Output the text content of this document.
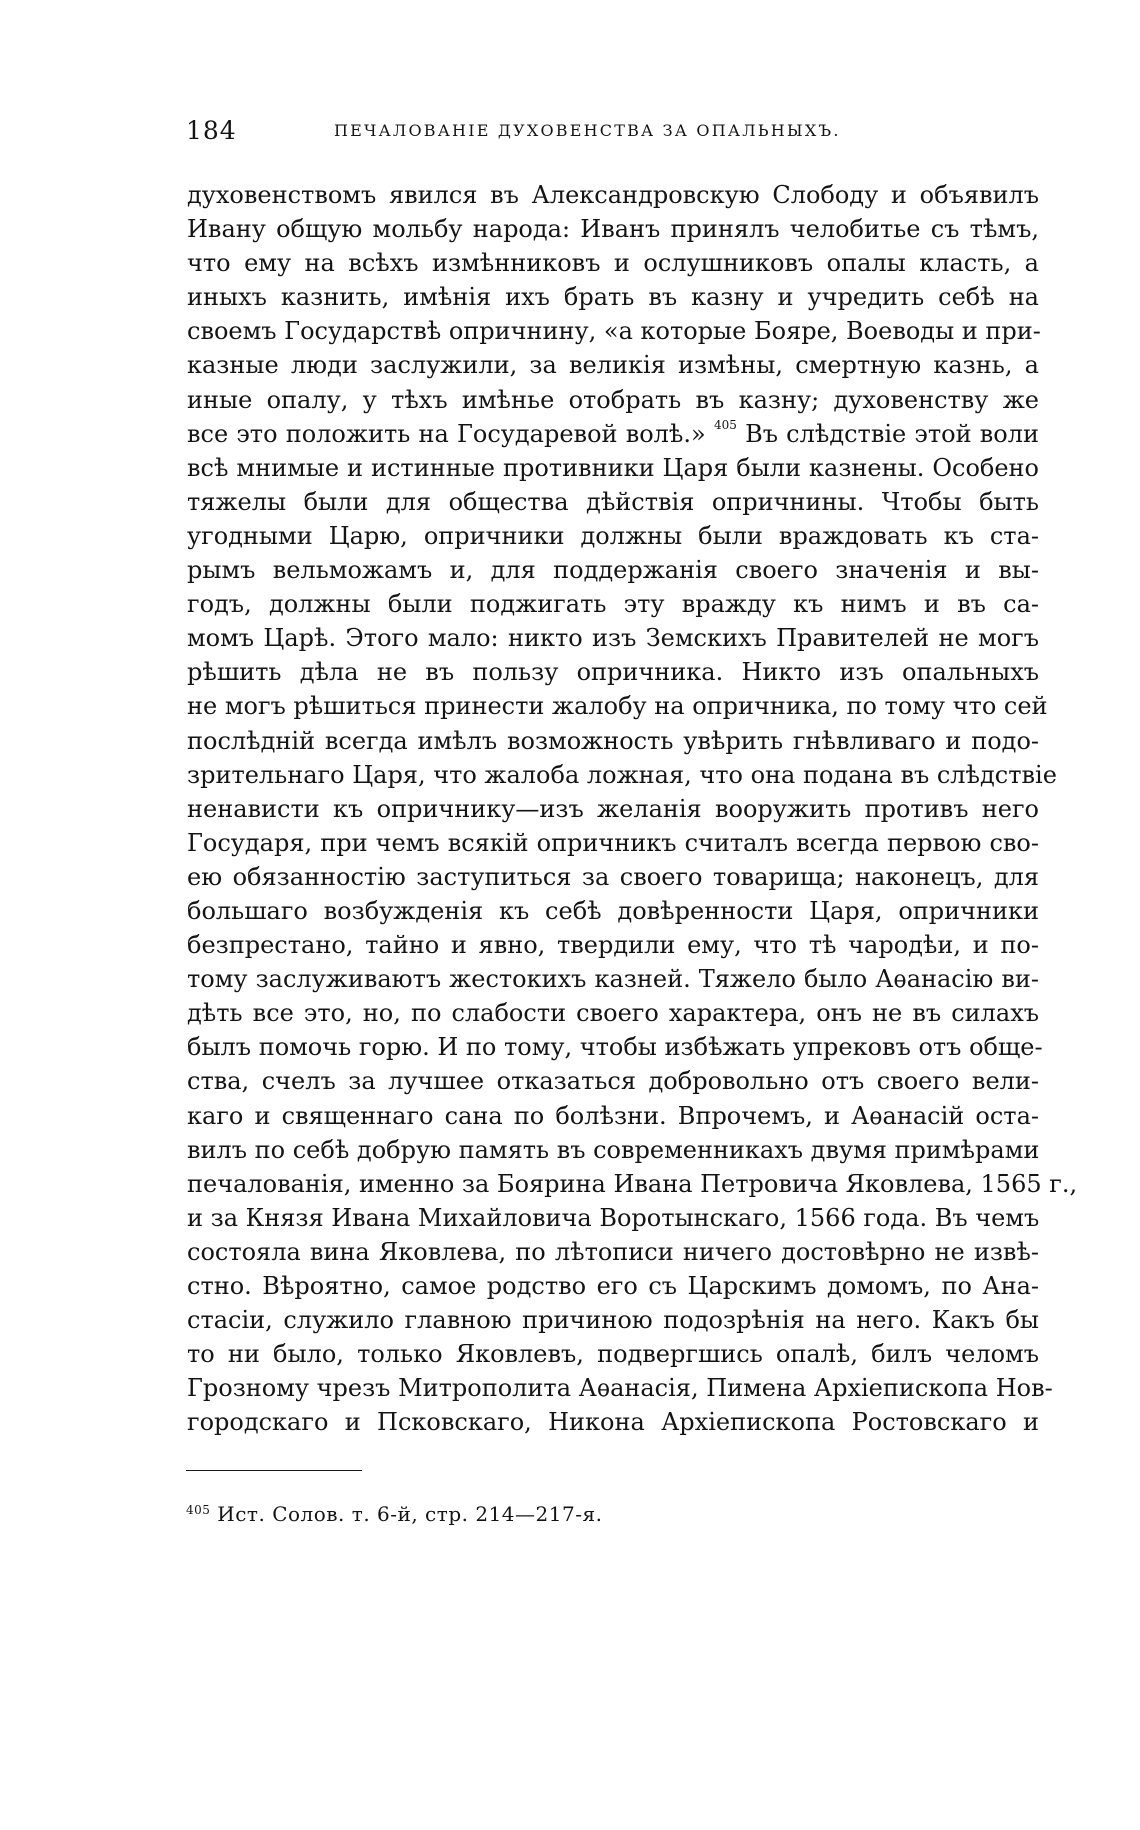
184	ПЕЧАЛОВАНIЕ ДУХОВЕНСТВА ЗА ОПАЛЬНЫХЪ.
духовенствомъ явился въ Александровскую Слободу и объявилъ
Ивану общую мольбу народа: Иванъ принялъ челобитье съ тѣмъ,
что ему на всѣхъ измѣнниковъ и ослушниковъ опалы класть, а
иныхъ казнить, имѣнія ихъ брать въ казну и учредить себѣ на
своемъ Государствѣ опричнину, «а которые Бояре, Воеводы и при-
казные люди заслужили, за великія измѣны, смертную казнь, а
иные опалу, у тѣхъ имѣнье отобрать въ казну; духовенству же
все это положить на Государевой волѣ.» $^{405}$ Въ слѣдствіе этой воли
всѣ мнимые и истинные противники Царя были казнены. Особено
тяжелы были для общества дѣйствія опричнины. Чтобы быть
угодными Царю, опричники должны были враждовать къ ста-
рымъ вельможамъ и, для поддержанія своего значенія и вы-
годъ, должны были поджигать эту вражду къ нимъ и въ са-
момъ Царѣ. Этого мало: никто изъ Земскихъ Правителей не могъ
рѣшить дѣла не въ пользу опричника. Никто изъ опальныхъ
не могъ рѣшиться принести жалобу на опричника, по тому что сей
послѣдній всегда имѣлъ возможность увѣрить гнѣвливаго и подо-
зрительнаго Царя, что жалоба ложная, что она подана въ слѣдствіе
ненависти къ опричнику—изъ желанія вооружить противъ него
Государя, при чемъ всякій опричникъ считалъ всегда первою сво-
ею обязанностію заступиться за своего товарища; наконецъ, для
большаго возбужденія къ себѣ довѣренности Царя, опричники
безпрестано, тайно и явно, твердили ему, что тѣ чародѣи, и по-
тому заслуживаютъ жестокихъ казней. Тяжело было Аѳанасію ви-
дѣть все это, но, по слабости своего характера, онъ не въ силахъ
былъ помочь горю. И по тому, чтобы избѣжать упрековъ отъ обще-
ства, счелъ за лучшее отказаться добровольно отъ своего вели-
каго и священнаго сана по болѣзни. Впрочемъ, и Аѳанасій оста-
вилъ по себѣ добрую память въ современникахъ двумя примѣрами
печалованія, именно за Боярина Ивана Петровича Яковлева, 1565 г.,
и за Князя Ивана Михайловича Воротынскаго, 1566 года. Въ чемъ
состояла вина Яковлева, по лѣтописи ничего достовѣрно не извѣ-
стно. Вѣроятно, самое родство его съ Царскимъ домомъ, по Ана-
стасіи, служило главною причиною подозрѣнія на него. Какъ бы
то ни было, только Яковлевъ, подвергшись опалѣ, билъ челомъ
Грозному чрезъ Митрополита Аѳанасія, Пимена Архіепископа Нов-
городскаго и Псковскаго, Никона Архіепископа Ростовскаго и
$^{405}$ Ист. Солов. т. 6-й, стр. 214—217-я.
